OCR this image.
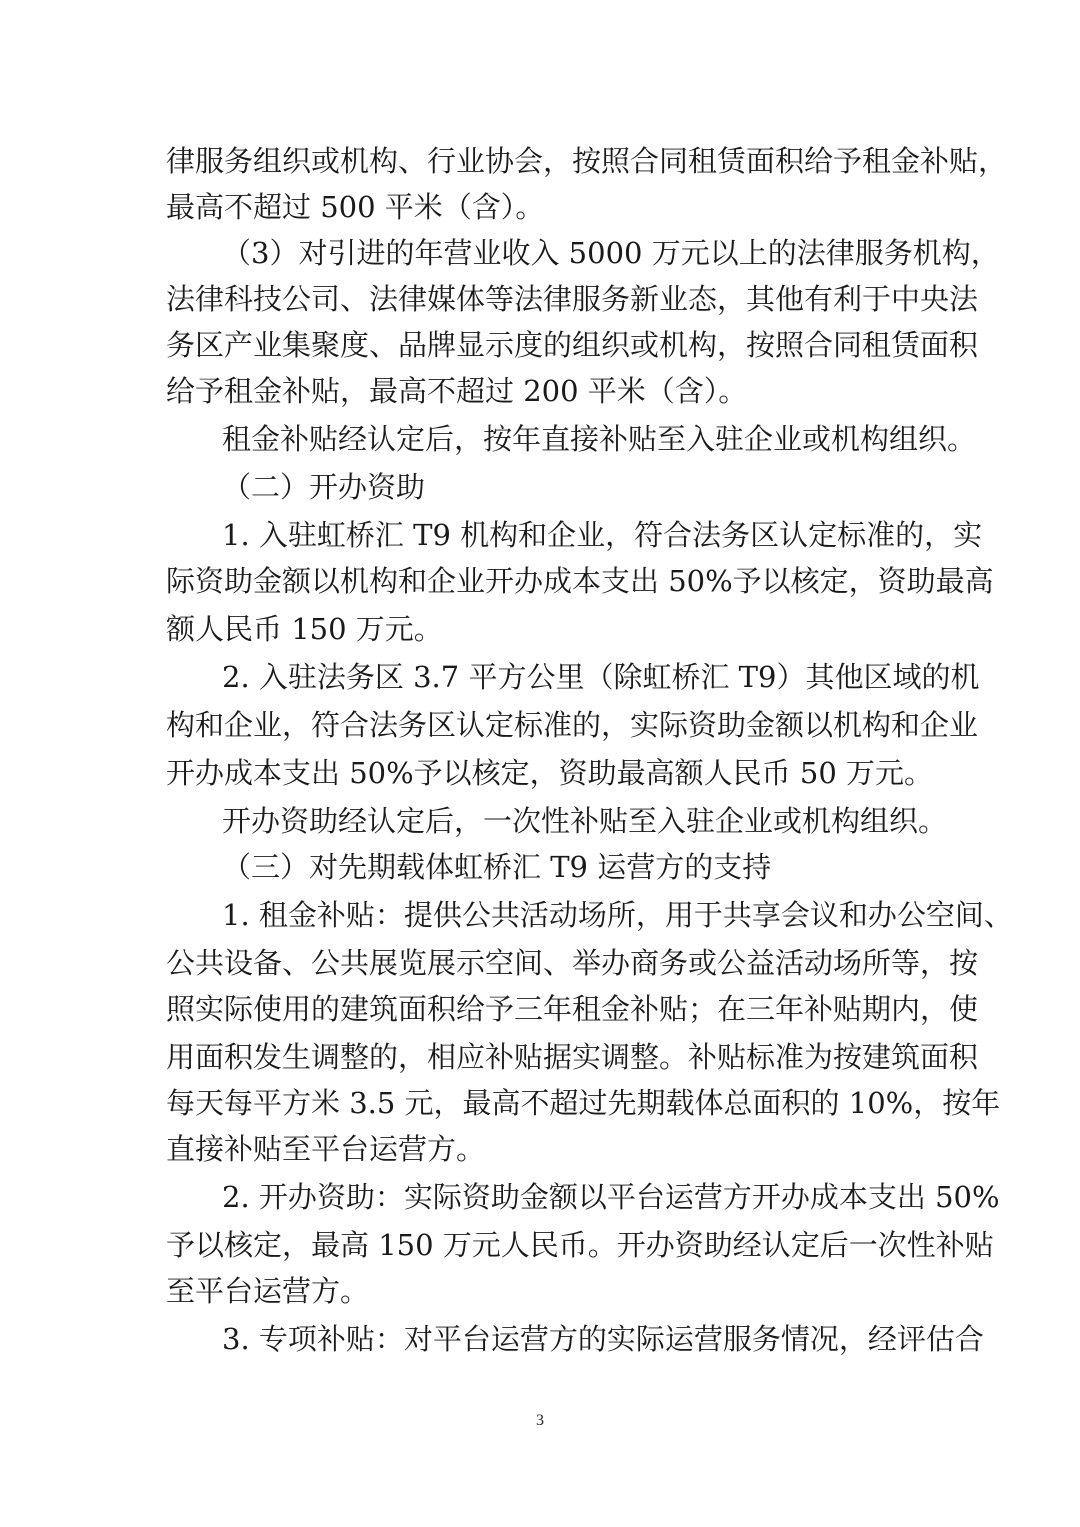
律服务组织或机构、行业协会，按照合同租赁面积给予租金补贴，
最高不超过 500 平米（含）。
（3）对引进的年营业收入 5000 万元以上的法律服务机构，
法律科技公司、法律媒体等法律服务新业态，其他有利于中央法
务区产业集聚度、品牌显示度的组织或机构，按照合同租赁面积
给予租金补贴，最高不超过 200 平米（含）。
租金补贴经认定后，按年直接补贴至入驻企业或机构组织。
（二）开办资助
1. 入驻虹桥汇 T9 机构和企业，符合法务区认定标准的，实
际资助金额以机构和企业开办成本支出 50%予以核定，资助最高
额人民币 150 万元。
2. 入驻法务区 3.7 平方公里（除虹桥汇 T9）其他区域的机
构和企业，符合法务区认定标准的，实际资助金额以机构和企业
开办成本支出 50%予以核定，资助最高额人民币 50 万元。
开办资助经认定后，一次性补贴至入驻企业或机构组织。
（三）对先期载体虹桥汇 T9 运营方的支持
1. 租金补贴：提供公共活动场所，用于共享会议和办公空间、
公共设备、公共展览展示空间、举办商务或公益活动场所等，按
照实际使用的建筑面积给予三年租金补贴；在三年补贴期内，使
用面积发生调整的，相应补贴据实调整。补贴标准为按建筑面积
每天每平方米 3.5 元，最高不超过先期载体总面积的 10%，按年
直接补贴至平台运营方。
2. 开办资助：实际资助金额以平台运营方开办成本支出 50%
予以核定，最高 150 万元人民币。开办资助经认定后一次性补贴
至平台运营方。
3. 专项补贴：对平台运营方的实际运营服务情况，经评估合
3
